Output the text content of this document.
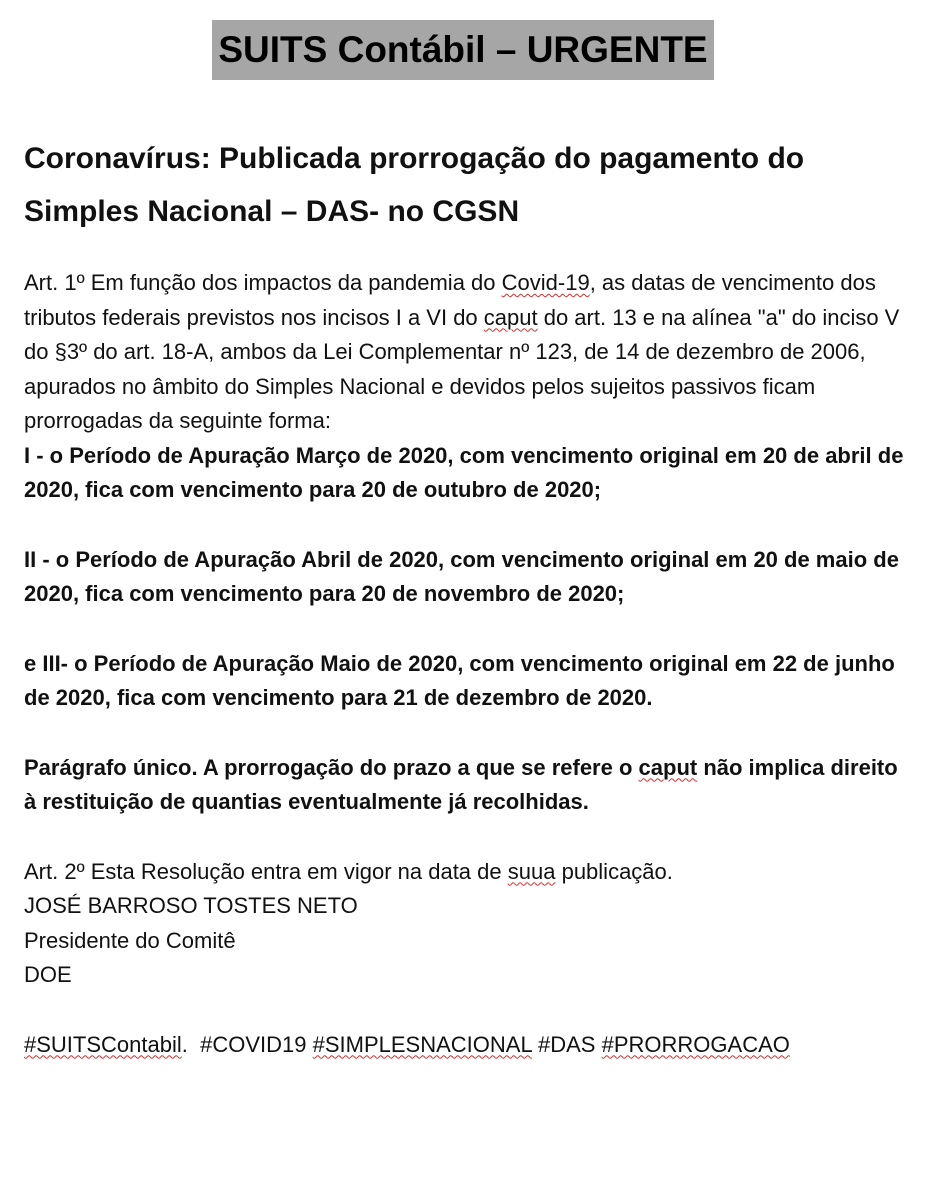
SUITS Contábil – URGENTE
Coronavírus: Publicada prorrogação do pagamento do Simples Nacional – DAS- no CGSN

Art. 1º Em função dos impactos da pandemia do Covid-19, as datas de vencimento dos tributos federais previstos nos incisos I a VI do caput do art. 13 e na alínea "a" do inciso V do §3º do art. 18-A, ambos da Lei Complementar nº 123, de 14 de dezembro de 2006, apurados no âmbito do Simples Nacional e devidos pelos sujeitos passivos ficam prorrogadas da seguinte forma:

I - o Período de Apuração Março de 2020, com vencimento original em 20 de abril de 2020, fica com vencimento para 20 de outubro de 2020;

II - o Período de Apuração Abril de 2020, com vencimento original em 20 de maio de 2020, fica com vencimento para 20 de novembro de 2020;

e III- o Período de Apuração Maio de 2020, com vencimento original em 22 de junho de 2020, fica com vencimento para 21 de dezembro de 2020.

Parágrafo único. A prorrogação do prazo a que se refere o caput não implica direito à restituição de quantias eventualmente já recolhidas.

Art. 2º Esta Resolução entra em vigor na data de suua publicação.

JOSÉ BARROSO TOSTES NETO

Presidente do Comitê

DOE

#SUITSContabil.  #COVID19 #SIMPLESNACIONAL #DAS #PRORROGACAO
